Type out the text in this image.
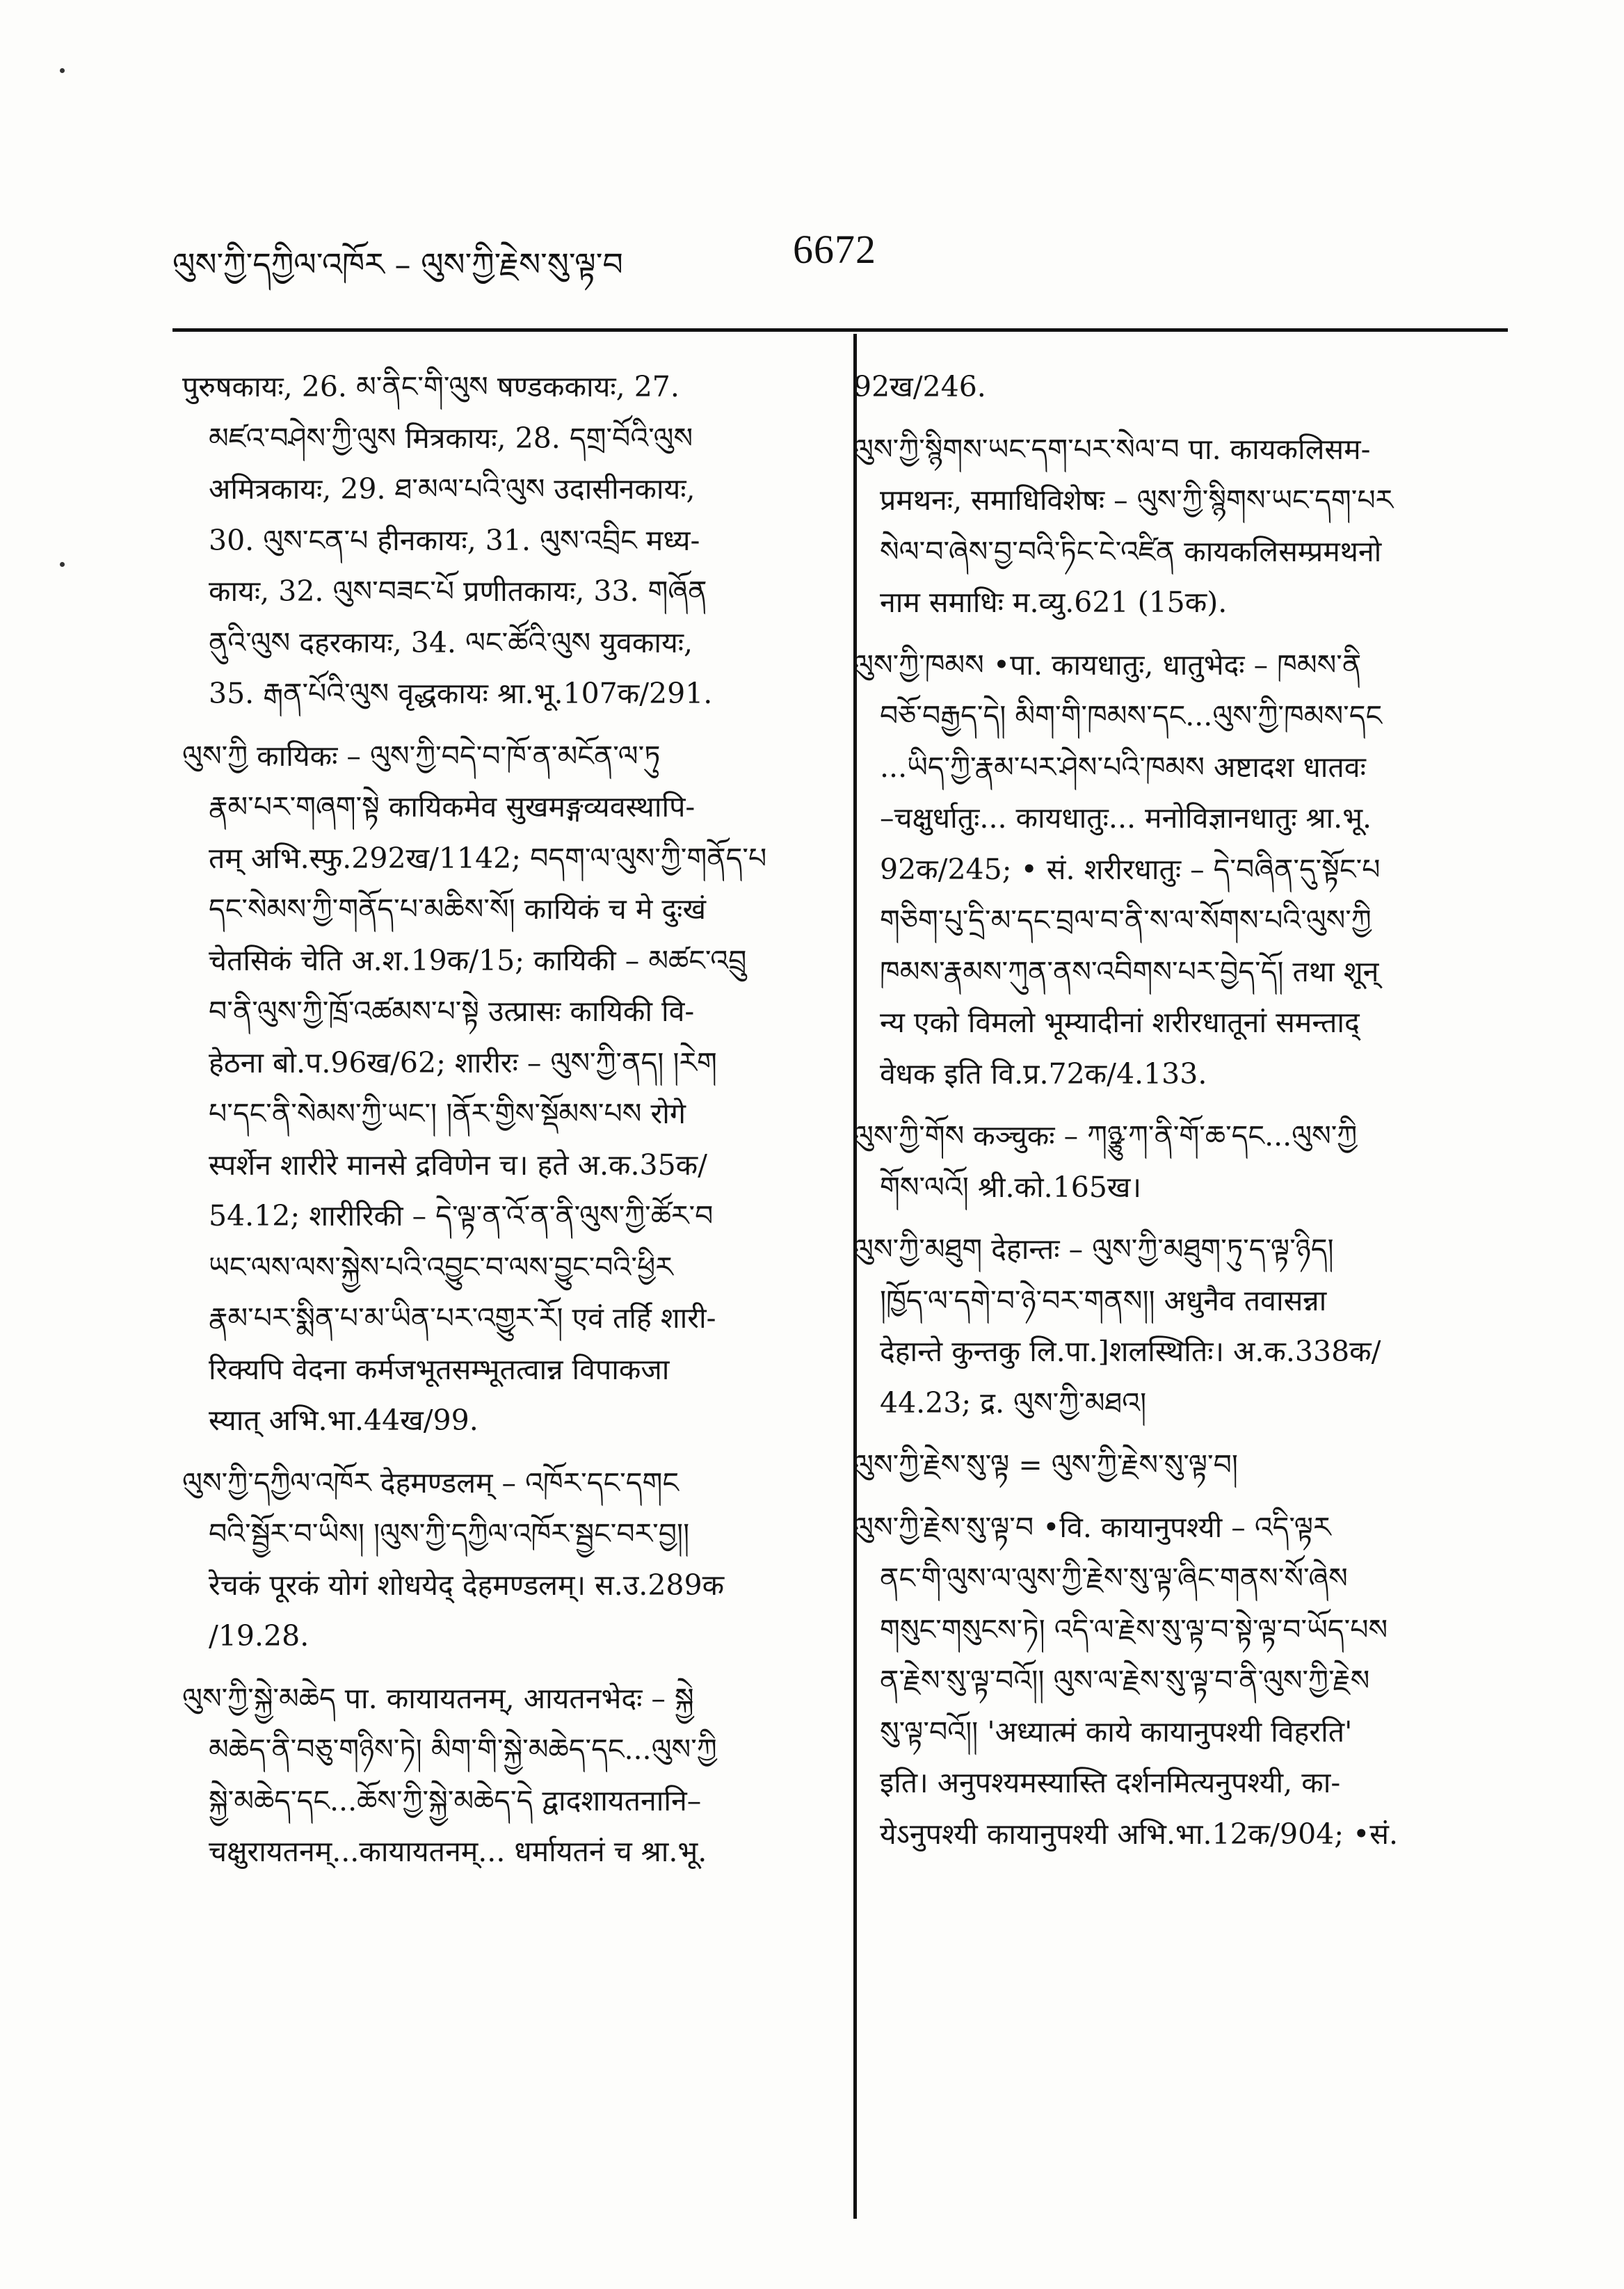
ལུས་ཀྱི་དཀྱིལ་འཁོར – ལུས་ཀྱི་རྗེས་སུ་ལྟ་བ	6672
पुरुषकायः, 26. མ་ནིང་གི་ལུས षण्डककायः, 27.
མཛའ་བཤེས་ཀྱི་ལུས मित्रकायः, 28. དགྲ་བོའི་ལུས
अमित्रकायः, 29. ཐ་མལ་པའི་ལུས उदासीनकायः,
30. ལུས་ངན་པ हीनकायः, 31. ལུས་འབྲིང मध्य-
कायः, 32. ལུས་བཟང་པོ प्रणीतकायः, 33. གཞོན
ནུའི་ལུས दहरकायः, 34. ལང་ཚོའི་ལུས युवकायः,
35. རྒན་པོའི་ལུས वृद्धकायः श्रा.भू.107क/291.
ལུས་ཀྱི कायिकः – ལུས་ཀྱི་བདེ་བ་ཁོ་ན་མངོན་ལ་ཏུ
རྣམ་པར་གཞག་སྟེ कायिकमेव सुखमङ्गव्यवस्थापि-
तम् अभि.स्फु.292ख/1142; བདག་ལ་ལུས་ཀྱི་གནོད་པ
དང་སེམས་ཀྱི་གནོད་པ་མཆིས་སོ། कायिकं च मे दुःखं
चेतसिकं चेति अ.श.19क/15; कायिकी – མཚང་འབྲུ
བ་ནི་ལུས་ཀྱི་ཁྲོ་འཚམས་པ་སྟེ उत्प्रासः कायिकी वि-
हेठना बो.प.96ख/62; शारीरः – ལུས་ཀྱི་ནད། །རེག
པ་དང་ནི་སེམས་ཀྱི་ཡང་། །ནོར་གྱིས་སྡོམས་པས रोगे
स्पर्शेन शारीरे मानसे द्रविणेन च। हते अ.क.35क/
54.12; शारीरिकी – དེ་ལྟ་ན་འོ་ན་ནི་ལུས་ཀྱི་ཚོར་བ
ཡང་ལས་ལས་སྐྱེས་པའི་འབྱུང་བ་ལས་བྱུང་བའི་ཕྱིར
རྣམ་པར་སྨིན་པ་མ་ཡིན་པར་འགྱུར་རོ། एवं तर्हि शारी-
रिक्यपि वेदना कर्मजभूतसम्भूतत्वान्न विपाकजा
स्यात् अभि.भा.44ख/99.
ལུས་ཀྱི་དཀྱིལ་འཁོར देहमण्डलम् – འཁོར་དང་དགང
བའི་སྦྱོར་བ་ཡིས། །ལུས་ཀྱི་དཀྱིལ་འཁོར་སྦྱང་བར་བྱ།།
रेचकं पूरकं योगं शोधयेद् देहमण्डलम्। स.उ.289क
/19.28.
ལུས་ཀྱི་སྐྱེ་མཆེད पा. कायायतनम्, आयतनभेदः – སྐྱེ
མཆེད་ནི་བཅུ་གཉིས་ཏེ། མིག་གི་སྐྱེ་མཆེད་དང...ལུས་ཀྱི
སྐྱེ་མཆེད་དང...ཆོས་ཀྱི་སྐྱེ་མཆེད་དེ द्वादशायतनानि–
चक्षुरायतनम्...कायायतनम्... धर्मायतनं च श्रा.भू.
92ख/246.
ལུས་ཀྱི་སྙིགས་ཡང་དག་པར་སེལ་བ पा. कायकलिसम-
प्रमथनः, समाधिविशेषः – ལུས་ཀྱི་སྙིགས་ཡང་དག་པར
སེལ་བ་ཞེས་བྱ་བའི་ཏིང་ངེ་འཛིན कायकलिसम्प्रमथनो
नाम समाधिः म.व्यु.621 (15क).
ལུས་ཀྱི་ཁམས •पा. कायधातुः, धातुभेदः – ཁམས་ནི
བཅོ་བརྒྱད་དེ། མིག་གི་ཁམས་དང...ལུས་ཀྱི་ཁམས་དང
...ཡིད་ཀྱི་རྣམ་པར་ཤེས་པའི་ཁམས अष्टादश धातवः
–चक्षुर्धातुः... कायधातुः... मनोविज्ञानधातुः श्रा.भू.
92क/245; • सं. शरीरधातुः – དེ་བཞིན་དུ་སྟོང་པ
གཅིག་པུ་དྲི་མ་དང་བྲལ་བ་ནི་ས་ལ་སོགས་པའི་ལུས་ཀྱི
ཁམས་རྣམས་ཀུན་ནས་འབིགས་པར་བྱེད་དོ། तथा शून्
न्य एको विमलो भूम्यादीनां शरीरधातूनां समन्ताद्
वेधक इति वि.प्र.72क/4.133.
ལུས་ཀྱི་གོས कञ्चुकः – ཀཉྩུ་ཀ་ནི་གོ་ཆ་དང...ལུས་ཀྱི
གོས་ལའོ། श्री.को.165ख।
ལུས་ཀྱི་མཐུག देहान्तः – ལུས་ཀྱི་མཐུག་ཏུ་ད་ལྟ་ཉིད།
།ཁྱོད་ལ་དགེ་བ་ཉེ་བར་གནས།། अधुनैव तवासन्ना
देहान्ते कुन्तकु लि.पा.]शलस्थितिः। अ.क.338क/
44.23; द्र. ལུས་ཀྱི་མཐའ།
ལུས་ཀྱི་རྗེས་སུ་ལྟ = ལུས་ཀྱི་རྗེས་སུ་ལྟ་བ།
ལུས་ཀྱི་རྗེས་སུ་ལྟ་བ •वि. कायानुपश्यी – འདི་ལྟར
ནང་གི་ལུས་ལ་ལུས་ཀྱི་རྗེས་སུ་ལྟ་ཞིང་གནས་སོ་ཞེས
གསུང་གསུངས་ཏེ། འདི་ལ་རྗེས་སུ་ལྟ་བ་སྟེ་ལྟ་བ་ཡོད་པས
ན་རྗེས་སུ་ལྟ་བའོ།། ལུས་ལ་རྗེས་སུ་ལྟ་བ་ནི་ལུས་ཀྱི་རྗེས
སུ་ལྟ་བའོ།། 'अध्यात्मं काये कायानुपश्यी विहरति'
इति। अनुपश्यमस्यास्ति दर्शनमित्यनुपश्यी, का-
येऽनुपश्यी कायानुपश्यी अभि.भा.12क/904; •सं.
